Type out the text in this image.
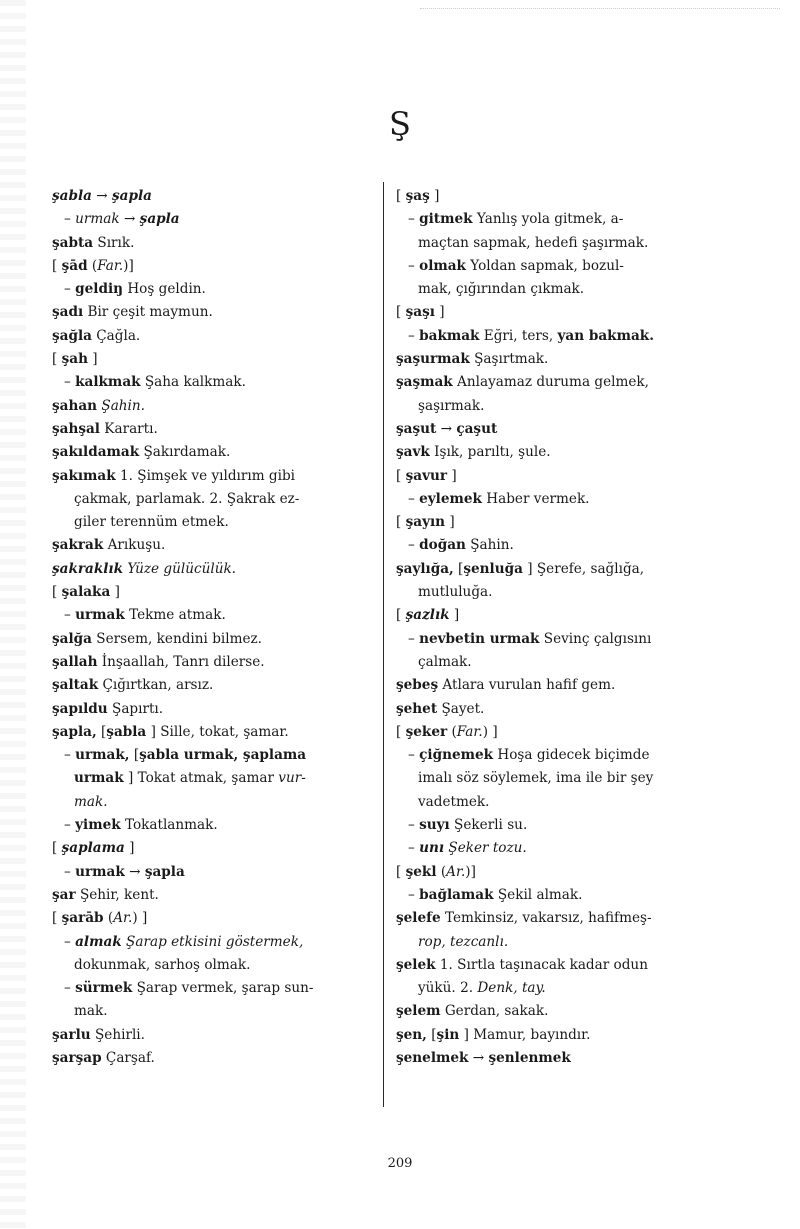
Ş
şabla → şapla
– urmak → şapla
şabta Sırık.
[ şād (Far.)]
– geldiŋ Hoş geldin.
şadı Bir çeşit maymun.
şağla Çağla.
[ şah ]
– kalkmak Şaha kalkmak.
şahan Şahin.
şahşal Karartı.
şakıldamak Şakırdamak.
şakımak 1. Şimşek ve yıldırım gibi
çakmak, parlamak. 2. Şakrak ez-
giler terennüm etmek.
şakrak Arıkuşu.
şakraklık Yüze gülücülük.
[ şalaka ]
– urmak Tekme atmak.
şalğa Sersem, kendini bilmez.
şallah İnşaallah, Tanrı dilerse.
şaltak Çığırtkan, arsız.
şapıldu Şapırtı.
şapla, [şabla ] Sille, tokat, şamar.
– urmak, [şabla urmak, şaplama
urmak ] Tokat atmak, şamar vur-
mak.
– yimek Tokatlanmak.
[ şaplama ]
– urmak → şapla
şar Şehir, kent.
[ şarāb (Ar.) ]
– almak Şarap etkisini göstermek,
dokunmak, sarhoş olmak.
– sürmek Şarap vermek, şarap sun-
mak.
şarlu Şehirli.
şarşap Çarşaf.
[ şaş ]
– gitmek Yanlış yola gitmek, a-
maçtan sapmak, hedefi şaşırmak.
– olmak Yoldan sapmak, bozul-
mak, çığırından çıkmak.
[ şaşı ]
– bakmak Eğri, ters, yan bakmak.
şaşurmak Şaşırtmak.
şaşmak Anlayamaz duruma gelmek,
şaşırmak.
şaşut → çaşut
şavk Işık, parıltı, şule.
[ şavur ]
– eylemek Haber vermek.
[ şayın ]
– doğan Şahin.
şaylığa, [şenluğa ] Şerefe, sağlığa,
mutluluğa.
[ şazlık ]
– nevbetin urmak Sevinç çalgısını
çalmak.
şebeş Atlara vurulan hafif gem.
şehet Şayet.
[ şeker (Far.) ]
– çiğnemek Hoşa gidecek biçimde
imalı söz söylemek, ima ile bir şey
vadetmek.
– suyı Şekerli su.
– unı Şeker tozu.
[ şekl (Ar.)]
– bağlamak Şekil almak.
şelefe Temkinsiz, vakarsız, hafifmeş-
rop, tezcanlı.
şelek 1. Sırtla taşınacak kadar odun
yükü. 2. Denk, tay.
şelem Gerdan, sakak.
şen, [şin ] Mamur, bayındır.
şenelmek → şenlenmek
209
